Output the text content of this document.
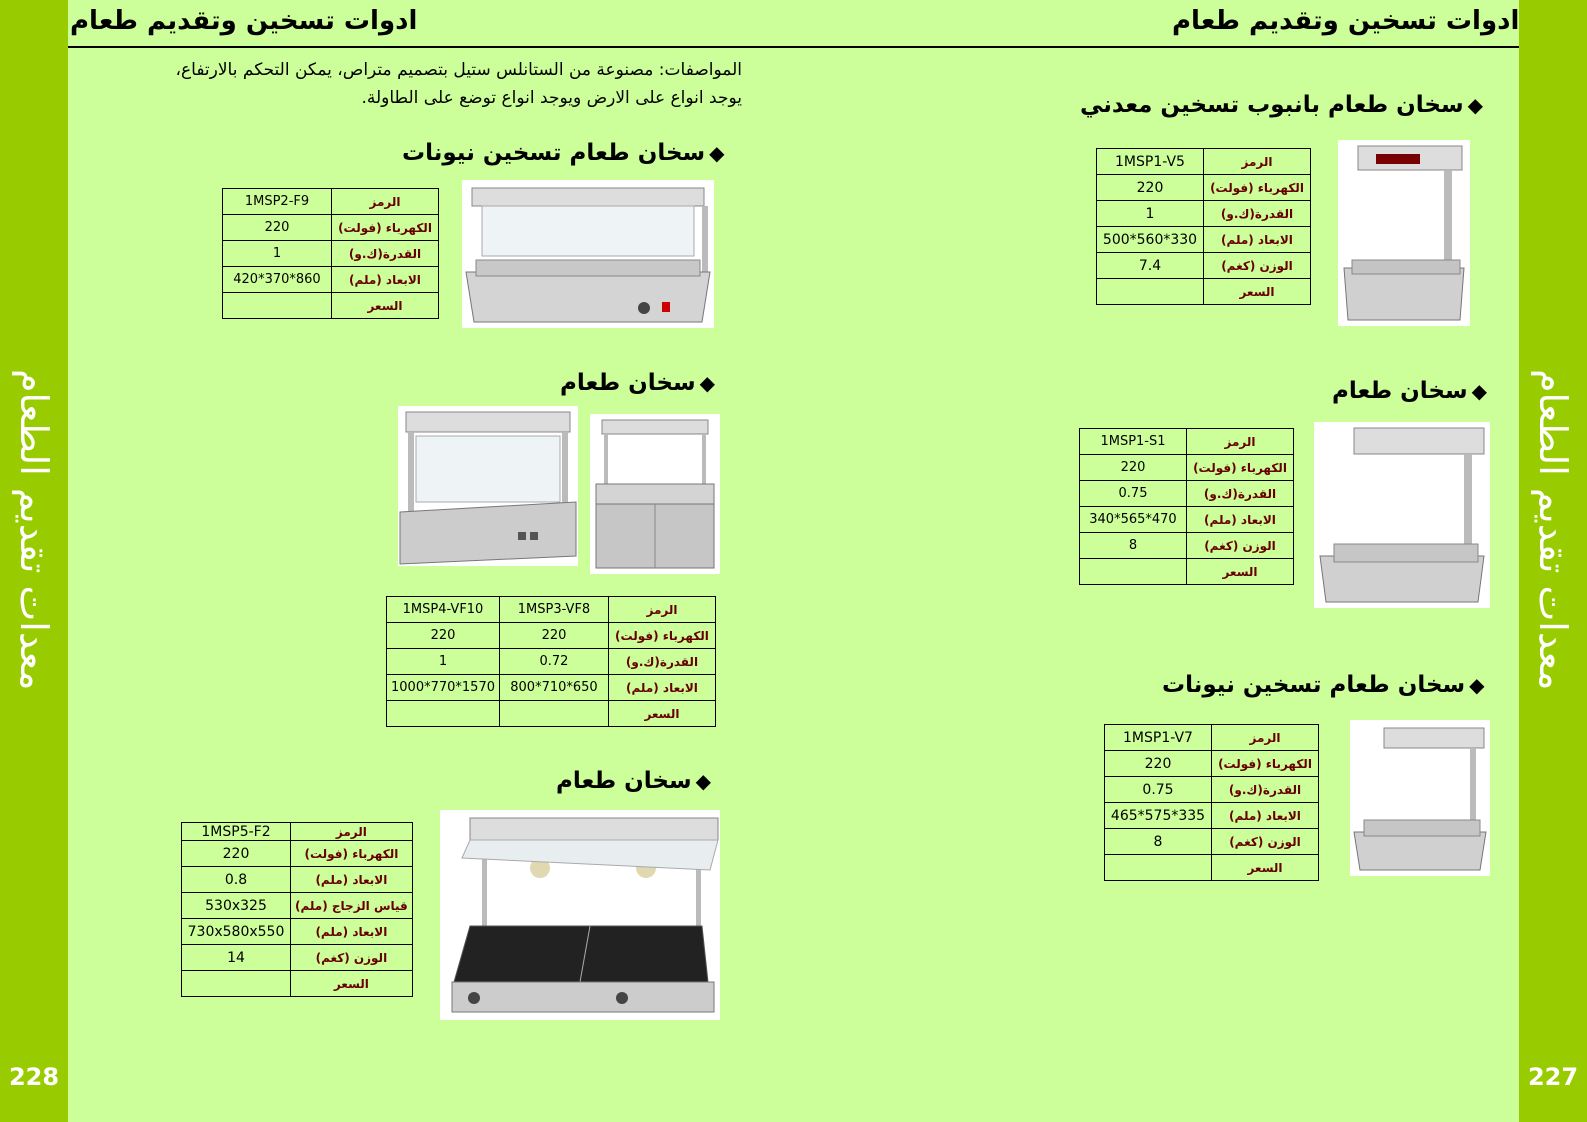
معدات تقديم الطعام
228
معدات تقديم الطعام
227
ادوات تسخين وتقديم طعام	ادوات تسخين وتقديم طعام
المواصفات: مصنوعة من الستانلس ستيل بتصميم متراص، يمكن التحكم بالارتفاع،
يوجد انواع على الارض ويوجد انواع توضع على الطاولة.
◆سخان طعام تسخين نيونات
1MSP2-F9	الرمز
220	الكهرباء (فولت)
1	القدرة(ك.و)
420*370*860	الابعاد (ملم)
	السعر
◆سخان طعام
1MSP4-VF10	1MSP3-VF8	الرمز
220	220	الكهرباء (فولت)
1	0.72	القدرة(ك.و)
1000*770*1570	800*710*650	الابعاد (ملم)
		السعر
◆سخان طعام
1MSP5-F2	الرمز
220	الكهرباء (فولت)
0.8	الابعاد (ملم)
530x325	قياس الزجاج (ملم)
730x580x550	الابعاد (ملم)
14	الوزن (كغم)
	السعر
◆سخان طعام بانبوب تسخين معدني
1MSP1-V5	الرمز
220	الكهرباء (فولت)
1	القدرة(ك.و)
500*560*330	الابعاد (ملم)
7.4	الوزن (كغم)
	السعر
◆سخان طعام
1MSP1-S1	الرمز
220	الكهرباء (فولت)
0.75	القدرة(ك.و)
340*565*470	الابعاد (ملم)
8	الوزن (كغم)
	السعر
◆سخان طعام تسخين نيونات
1MSP1-V7	الرمز
220	الكهرباء (فولت)
0.75	القدرة(ك.و)
465*575*335	الابعاد (ملم)
8	الوزن (كغم)
	السعر
